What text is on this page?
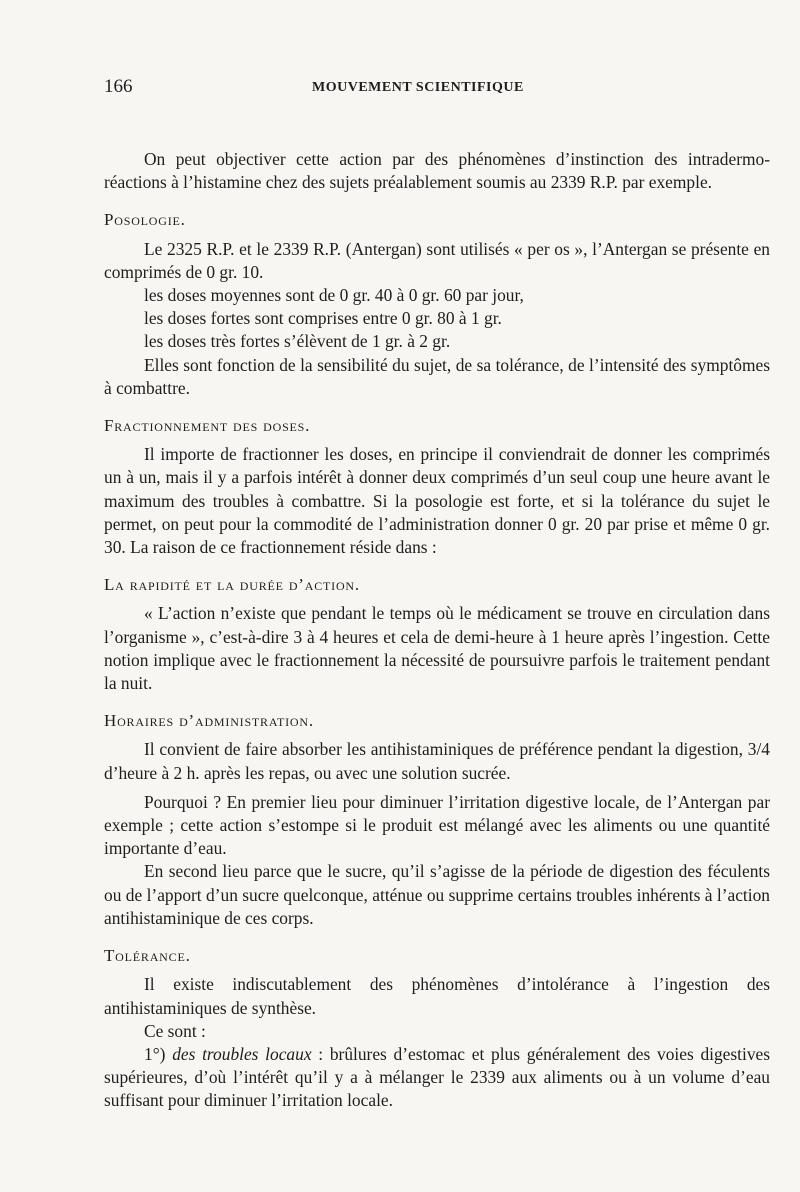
166	MOUVEMENT SCIENTIFIQUE

On peut objectiver cette action par des phénomènes d’instinction des intradermo-réactions à l’histamine chez des sujets préalablement soumis au 2339 R.P. par exemple.

Posologie.

Le 2325 R.P. et le 2339 R.P. (Antergan) sont utilisés « per os », l’Antergan se présente en comprimés de 0 gr. 10.

les doses moyennes sont de 0 gr. 40 à 0 gr. 60 par jour,
les doses fortes sont comprises entre 0 gr. 80 à 1 gr.
les doses très fortes s’élèvent de 1 gr. à 2 gr.

Elles sont fonction de la sensibilité du sujet, de sa tolérance, de l’intensité des symptômes à combattre.

Fractionnement des doses.

Il importe de fractionner les doses, en principe il conviendrait de donner les comprimés un à un, mais il y a parfois intérêt à donner deux comprimés d’un seul coup une heure avant le maximum des troubles à combattre. Si la posologie est forte, et si la tolérance du sujet le permet, on peut pour la commodité de l’administration donner 0 gr. 20 par prise et même 0 gr. 30. La raison de ce fractionnement réside dans :

La rapidité et la durée d’action.

« L’action n’existe que pendant le temps où le médicament se trouve en circulation dans l’organisme », c’est-à-dire 3 à 4 heures et cela de demi-heure à 1 heure après l’ingestion. Cette notion implique avec le fractionnement la nécessité de poursuivre parfois le traitement pendant la nuit.

Horaires d’administration.

Il convient de faire absorber les antihistaminiques de préférence pendant la digestion, 3/4 d’heure à 2 h. après les repas, ou avec une solution sucrée.

Pourquoi ? En premier lieu pour diminuer l’irritation digestive locale, de l’Antergan par exemple ; cette action s’estompe si le produit est mélangé avec les aliments ou une quantité importante d’eau.

En second lieu parce que le sucre, qu’il s’agisse de la période de digestion des féculents ou de l’apport d’un sucre quelconque, atténue ou supprime certains troubles inhérents à l’action antihistaminique de ces corps.

Tolérance.

Il existe indiscutablement des phénomènes d’intolérance à l’ingestion des antihistaminiques de synthèse.

Ce sont :

1°) des troubles locaux : brûlures d’estomac et plus généralement des voies digestives supérieures, d’où l’intérêt qu’il y a à mélanger le 2339 aux aliments ou à un volume d’eau suffisant pour diminuer l’irritation locale.
